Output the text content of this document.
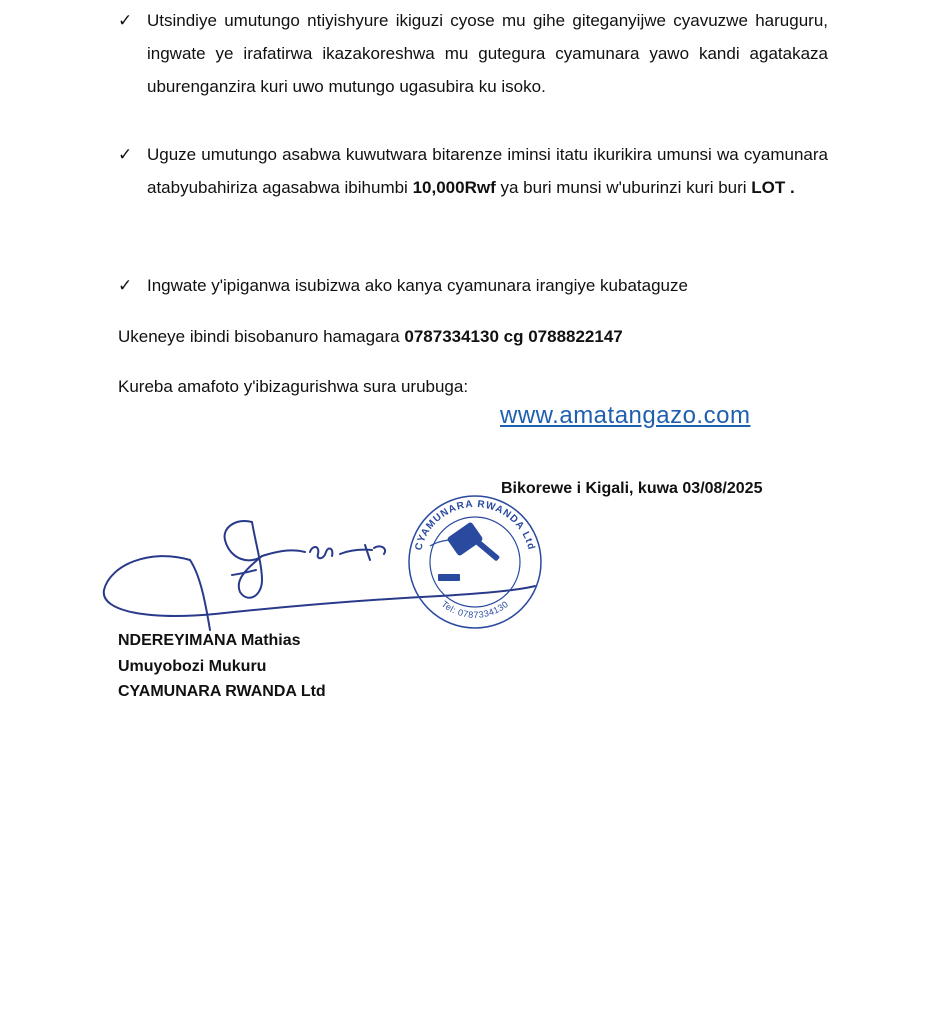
✓ Utsindiye umutungo ntiyishyure ikiguzi cyose mu gihe giteganyijwe cyavuzwe haruguru, ingwate ye irafatirwa ikazakoreshwa mu gutegura cyamunara yawo kandi agatakaza uburenganzira kuri uwo mutungo ugasubira ku isoko.
✓ Uguze umutungo asabwa kuwutwara bitarenze iminsi itatu ikurikira umunsi wa cyamunara atabyubahiriza agasabwa ibihumbi 10,000Rwf ya buri munsi w'uburinzi kuri buri LOT .
✓ Ingwate y'ipiganwa isubizwa ako kanya cyamunara irangiye kubataguze
Ukeneye ibindi bisobanuro hamagara 0787334130 cg 0788822147
Kureba amafoto y'ibizagurishwa sura urubuga:
www.amatangazo.com
Bikorewe i Kigali, kuwa 03/08/2025
CYAMUNARA RWANDA Ltd
Tel: 0787334130
NDEREYIMANA Mathias
Umuyobozi Mukuru
CYAMUNARA RWANDA Ltd
